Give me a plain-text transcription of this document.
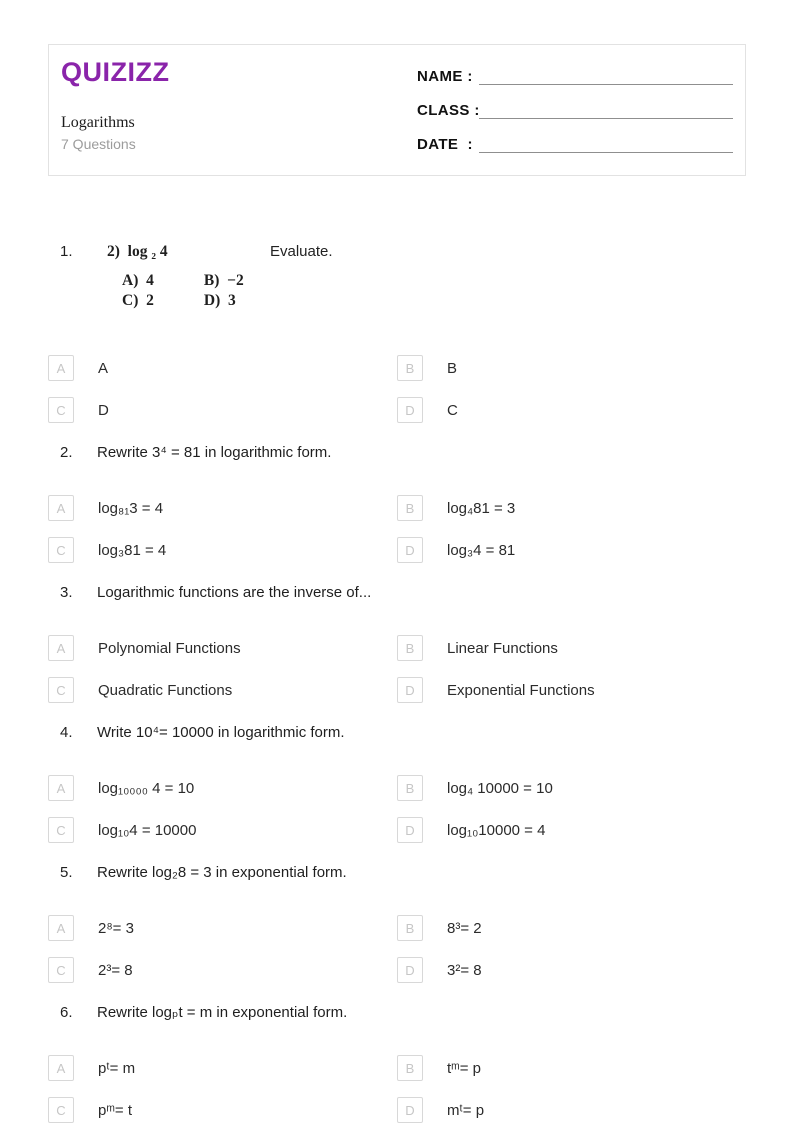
QUIZIZZ
Logarithms
7 Questions
NAME :
CLASS :
DATE  :
1.	2)  log ₂ 4	Evaluate.
A)  4	B)  −2
C)  2	D)  3
A	A	B	B
C	D	D	C
2.	Rewrite 3⁴ = 81 in logarithmic form.
A	log₈₁3 = 4	B	log₄81 = 3
C	log₃81 = 4	D	log₃4 = 81
3.	Logarithmic functions are the inverse of...
A	Polynomial Functions	B	Linear Functions
C	Quadratic Functions	D	Exponential Functions
4.	Write 10⁴= 10000 in logarithmic form.
A	log₁₀₀₀₀ 4 = 10	B	log₄ 10000 = 10
C	log₁₀4 = 10000	D	log₁₀10000 = 4
5.	Rewrite log₂8 = 3 in exponential form.
A	2⁸= 3	B	8³= 2
C	2³= 8	D	3²= 8
6.	Rewrite logₚt = m in exponential form.
A	pᵗ= m	B	tᵐ= p
C	pᵐ= t	D	mᵗ= p
